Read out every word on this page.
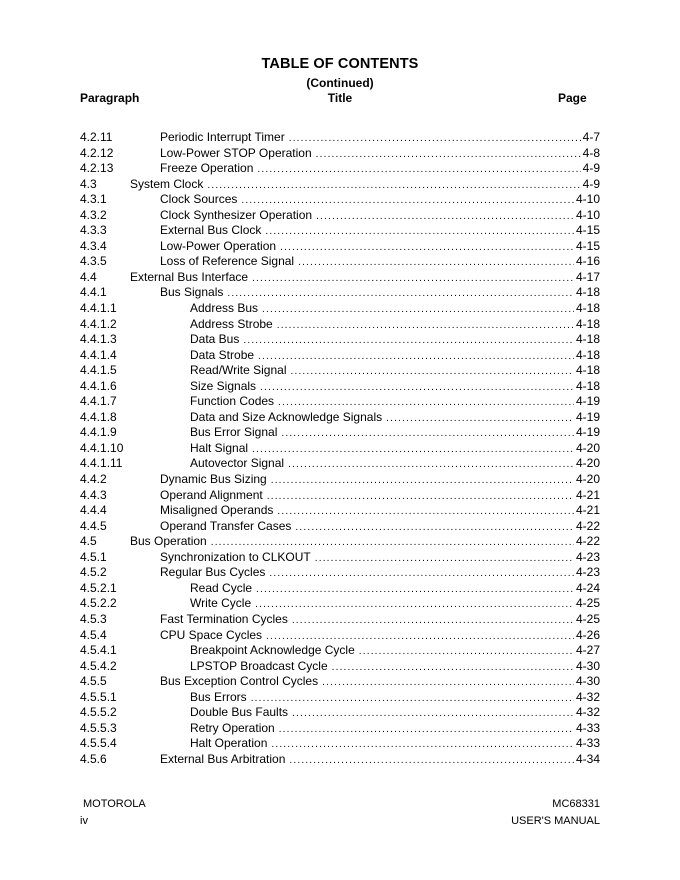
TABLE OF CONTENTS
(Continued)
Paragraph	Title	Page
4.2.11	Periodic Interrupt Timer .....	4-7
4.2.12	Low-Power STOP Operation .....	4-8
4.2.13	Freeze Operation .....	4-9
4.3	System Clock .....	4-9
4.3.1	Clock Sources .....	4-10
4.3.2	Clock Synthesizer Operation .....	4-10
4.3.3	External Bus Clock .....	4-15
4.3.4	Low-Power Operation .....	4-15
4.3.5	Loss of Reference Signal .....	4-16
4.4	External Bus Interface .....	4-17
4.4.1	Bus Signals .....	4-18
4.4.1.1	Address Bus .....	4-18
4.4.1.2	Address Strobe .....	4-18
4.4.1.3	Data Bus .....	4-18
4.4.1.4	Data Strobe .....	4-18
4.4.1.5	Read/Write Signal .....	4-18
4.4.1.6	Size Signals .....	4-18
4.4.1.7	Function Codes .....	4-19
4.4.1.8	Data and Size Acknowledge Signals .....	4-19
4.4.1.9	Bus Error Signal .....	4-19
4.4.1.10	Halt Signal .....	4-20
4.4.1.11	Autovector Signal .....	4-20
4.4.2	Dynamic Bus Sizing .....	4-20
4.4.3	Operand Alignment .....	4-21
4.4.4	Misaligned Operands .....	4-21
4.4.5	Operand Transfer Cases .....	4-22
4.5	Bus Operation .....	4-22
4.5.1	Synchronization to CLKOUT .....	4-23
4.5.2	Regular Bus Cycles .....	4-23
4.5.2.1	Read Cycle .....	4-24
4.5.2.2	Write Cycle .....	4-25
4.5.3	Fast Termination Cycles .....	4-25
4.5.4	CPU Space Cycles .....	4-26
4.5.4.1	Breakpoint Acknowledge Cycle .....	4-27
4.5.4.2	LPSTOP Broadcast Cycle .....	4-30
4.5.5	Bus Exception Control Cycles .....	4-30
4.5.5.1	Bus Errors .....	4-32
4.5.5.2	Double Bus Faults .....	4-32
4.5.5.3	Retry Operation .....	4-33
4.5.5.4	Halt Operation .....	4-33
4.5.6	External Bus Arbitration .....	4-34
MOTOROLA
iv
MC68331
USER'S MANUAL
